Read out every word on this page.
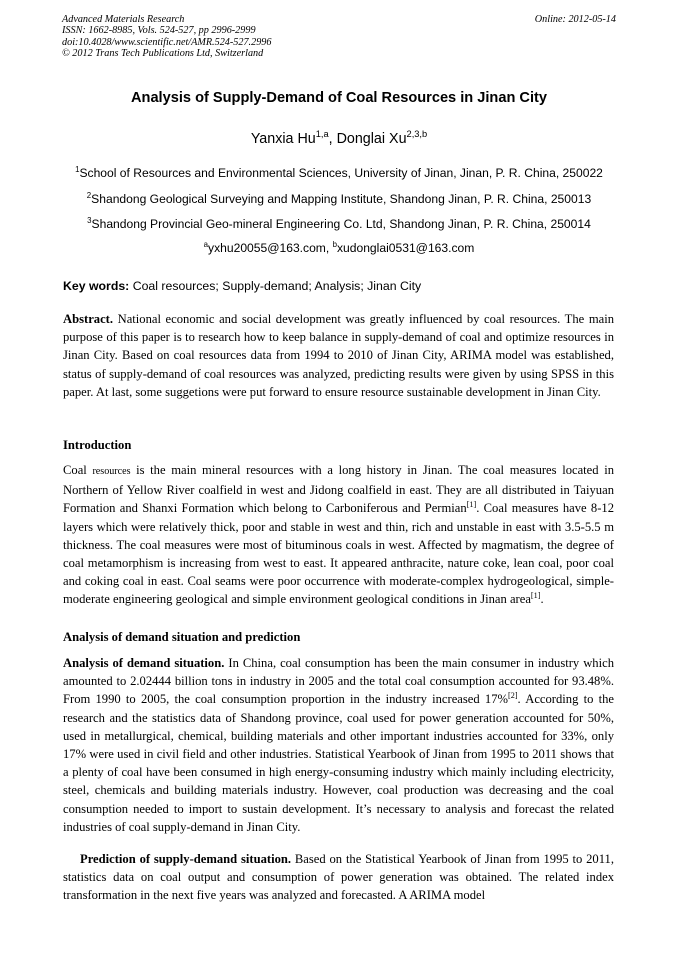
Advanced Materials Research
ISSN: 1662-8985, Vols. 524-527, pp 2996-2999
doi:10.4028/www.scientific.net/AMR.524-527.2996
© 2012 Trans Tech Publications Ltd, Switzerland
Online: 2012-05-14
Analysis of Supply-Demand of Coal Resources in Jinan City
Yanxia Hu$^{1,a}$, Donglai Xu$^{2,3,b}$
$^1$School of Resources and Environmental Sciences, University of Jinan, Jinan, P. R. China, 250022
$^2$Shandong Geological Surveying and Mapping Institute, Shandong Jinan, P. R. China, 250013
$^3$Shandong Provincial Geo-mineral Engineering Co. Ltd, Shandong Jinan, P. R. China, 250014
$^a$yxhu20055@163.com, $^b$xudonglai0531@163.com
Key words: Coal resources; Supply-demand; Analysis; Jinan City
Abstract. National economic and social development was greatly influenced by coal resources. The main purpose of this paper is to research how to keep balance in supply-demand of coal and optimize resources in Jinan City. Based on coal resources data from 1994 to 2010 of Jinan City, ARIMA model was established, status of supply-demand of coal resources was analyzed, predicting results were given by using SPSS in this paper. At last, some suggetions were put forward to ensure resource sustainable development in Jinan City.
Introduction
Coal resources is the main mineral resources with a long history in Jinan. The coal measures located in Northern of Yellow River coalfield in west and Jidong coalfield in east. They are all distributed in Taiyuan Formation and Shanxi Formation which belong to Carboniferous and Permian[1]. Coal measures have 8-12 layers which were relatively thick, poor and stable in west and thin, rich and unstable in east with 3.5-5.5 m thickness. The coal measures were most of bituminous coals in west. Affected by magmatism, the degree of coal metamorphism is increasing from west to east. It appeared anthracite, nature coke, lean coal, poor coal and coking coal in east. Coal seams were poor occurrence with moderate-complex hydrogeological, simple-moderate engineering geological and simple environment geological conditions in Jinan area[1].
Analysis of demand situation and prediction
Analysis of demand situation. In China, coal consumption has been the main consumer in industry which amounted to 2.02444 billion tons in industry in 2005 and the total coal consumption accounted for 93.48%. From 1990 to 2005, the coal consumption proportion in the industry increased 17%[2]. According to the research and the statistics data of Shandong province, coal used for power generation accounted for 50%, used in metallurgical, chemical, building materials and other important industries accounted for 33%, only 17% were used in civil field and other industries. Statistical Yearbook of Jinan from 1995 to 2011 shows that a plenty of coal have been consumed in high energy-consuming industry which mainly including electricity, steel, chemicals and building materials industry. However, coal production was decreasing and the coal consumption needed to import to sustain development. It’s necessary to analysis and forecast the related industries of coal supply-demand in Jinan City.
Prediction of supply-demand situation. Based on the Statistical Yearbook of Jinan from 1995 to 2011, statistics data on coal output and consumption of power generation was obtained. The related index transformation in the next five years was analyzed and forecasted. A ARIMA model
